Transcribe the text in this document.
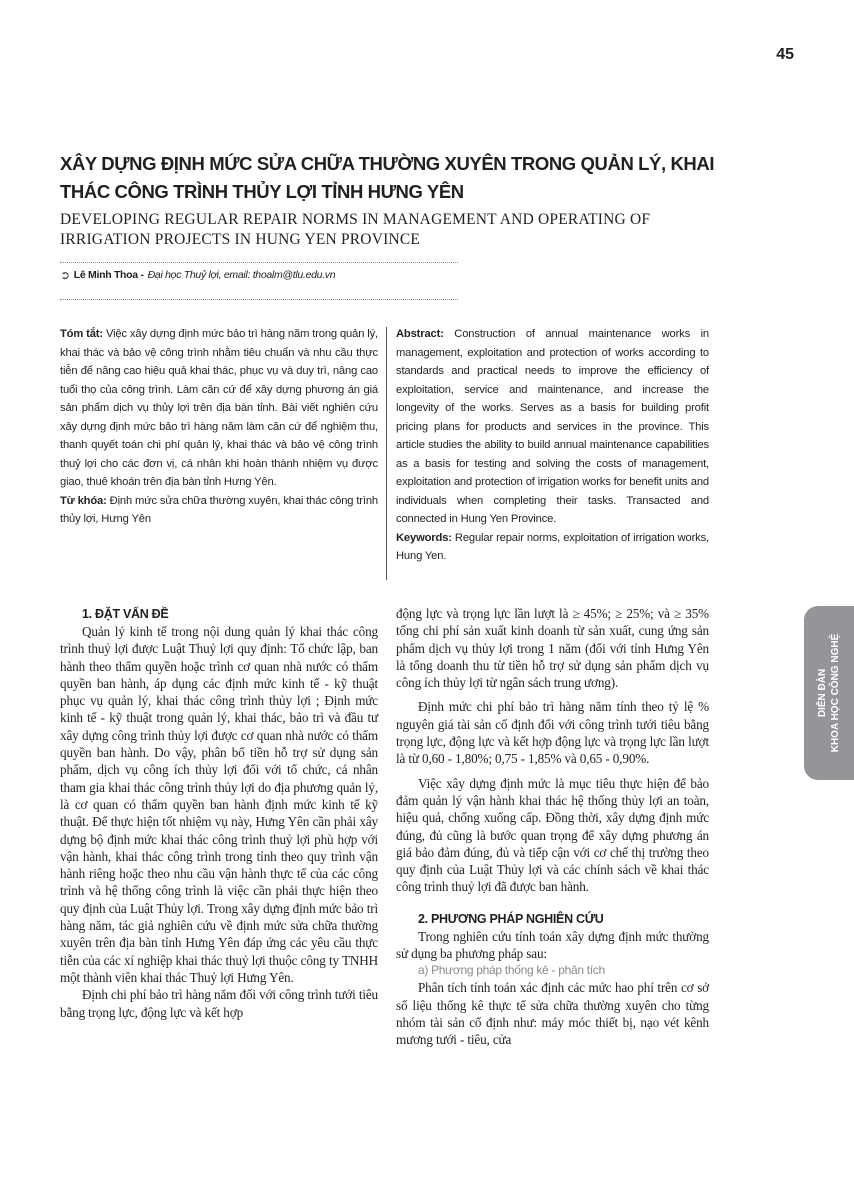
45
XÂY DỰNG ĐỊNH MỨC SỬA CHỮA THƯỜNG XUYÊN TRONG QUẢN LÝ, KHAI THÁC CÔNG TRÌNH THỦY LỢI TỈNH HƯNG YÊN
DEVELOPING REGULAR REPAIR NORMS IN MANAGEMENT AND OPERATING OF
IRRIGATION PROJECTS IN HUNG YEN PROVINCE
➲ Lê Minh Thoa - Đại học Thuỷ lợi, email: thoalm@tlu.edu.vn

Tóm tắt: Việc xây dựng định mức bảo trì hàng năm trong quản lý, khai thác và bảo vệ công trình nhằm tiêu chuẩn và nhu cầu thực tiễn để nâng cao hiệu quả khai thác, phục vụ và duy trì, nâng cao tuổi thọ của công trình. Làm căn cứ để xây dựng phương án giá sản phẩm dịch vụ thủy lợi trên địa bàn tỉnh. Bài viết nghiên cứu xây dựng định mức bảo trì hàng năm làm căn cứ để nghiệm thu, thanh quyết toán chi phí quản lý, khai thác và bảo vệ công trình thuỷ lợi cho các đơn vị, cá nhân khi hoàn thành nhiệm vụ được giao, thuê khoán trên địa bàn tỉnh Hưng Yên.

Từ khóa: Định mức sửa chữa thường xuyên, khai thác công trình thủy lợi, Hưng Yên

Abstract: Construction of annual maintenance works in management, exploitation and protection of works according to standards and practical needs to improve the efficiency of exploitation, service and maintenance, and increase the longevity of the works. Serves as a basis for building profit pricing plans for products and services in the province. This article studies the ability to build annual maintenance capabilities as a basis for testing and solving the costs of management, exploitation and protection of irrigation works for benefit units and individuals when completing their tasks. Transacted and connected in Hung Yen Province.

Keywords: Regular repair norms, exploitation of irrigation works, Hung Yen.

1. ĐẶT VẤN ĐỀ

Quản lý kinh tế trong nội dung quản lý khai thác công trình thuỷ lợi được Luật Thuỷ lợi quy định: Tổ chức lập, ban hành theo thẩm quyền hoặc trình cơ quan nhà nước có thẩm quyền ban hành, áp dụng các định mức kinh tế - kỹ thuật phục vụ quản lý, khai thác công trình thủy lợi ; Định mức kinh tế - kỹ thuật trong quản lý, khai thác, bảo trì và đầu tư xây dựng công trình thủy lợi được cơ quan nhà nước có thẩm quyền ban hành. Do vậy, phân bổ tiền hỗ trợ sử dụng sản phẩm, dịch vụ công ích thủy lợi đối với tổ chức, cá nhân tham gia khai thác công trình thủy lợi do địa phương quản lý, là cơ quan có thẩm quyền ban hành định mức kinh tế kỹ thuật. Để thực hiện tốt nhiệm vụ này, Hưng Yên cần phải xây dựng bộ định mức khai thác công trình thuỷ lợi phù hợp với vận hành, khai thác công trình trong tỉnh theo quy trình vận hành riêng hoặc theo nhu cầu vận hành thực tế của các công trình và hệ thống công trình là việc cần phải thực hiện theo quy định của Luật Thủy lợi. Trong xây dựng định mức bảo trì hàng năm, tác giả nghiên cứu về định mức sửa chữa thường xuyên trên địa bàn tỉnh Hưng Yên đáp ứng các yêu cầu thực tiễn của các xí nghiệp khai thác thuỷ lợi thuộc công ty TNHH một thành viên khai thác Thuỷ lợi Hưng Yên.

Định chi phí bảo trì hàng năm đối với công trình tưới tiêu bằng trọng lực, động lực và kết hợp

động lực và trọng lực lần lượt là ≥ 45%; ≥ 25%; và ≥ 35% tổng chi phí sản xuất kinh doanh từ sản xuất, cung ứng sản phẩm dịch vụ thủy lợi trong 1 năm (đối với tỉnh Hưng Yên là tổng doanh thu từ tiền hỗ trợ sử dụng sản phẩm dịch vụ công ích thủy lợi từ ngân sách trung ương).

Định mức chi phí bảo trì hàng năm tính theo tỷ lệ % nguyên giá tài sản cố định đối với công trình tưới tiêu bằng trọng lực, động lực và kết hợp động lực và trọng lực lần lượt là từ 0,60 - 1,80%; 0,75 - 1,85% và 0,65 - 0,90%.

Việc xây dựng định mức là mục tiêu thực hiện để bảo đảm quản lý vận hành khai thác hệ thống thủy lợi an toàn, hiệu quả, chống xuống cấp. Đồng thời, xây dựng định mức đúng, đủ cũng là bước quan trọng để xây dựng phương án giá bảo đảm đúng, đủ và tiếp cận với cơ chế thị trường theo quy định của Luật Thủy lợi và các chính sách về khai thác công trình thuỷ lợi đã được ban hành.

2. PHƯƠNG PHÁP NGHIÊN CỨU

Trong nghiên cứu tính toán xây dựng định mức thường sử dụng ba phương pháp sau:

a) Phương pháp thống kê - phân tích

Phân tích tính toán xác định các mức hao phí trên cơ sở số liệu thống kê thực tế sửa chữa thường xuyên cho từng nhóm tài sản cố định như: máy móc thiết bị, nạo vét kênh mương tưới - tiêu, cửa

DIỄN ĐÀN KHOA HỌC CÔNG NGHỆ
